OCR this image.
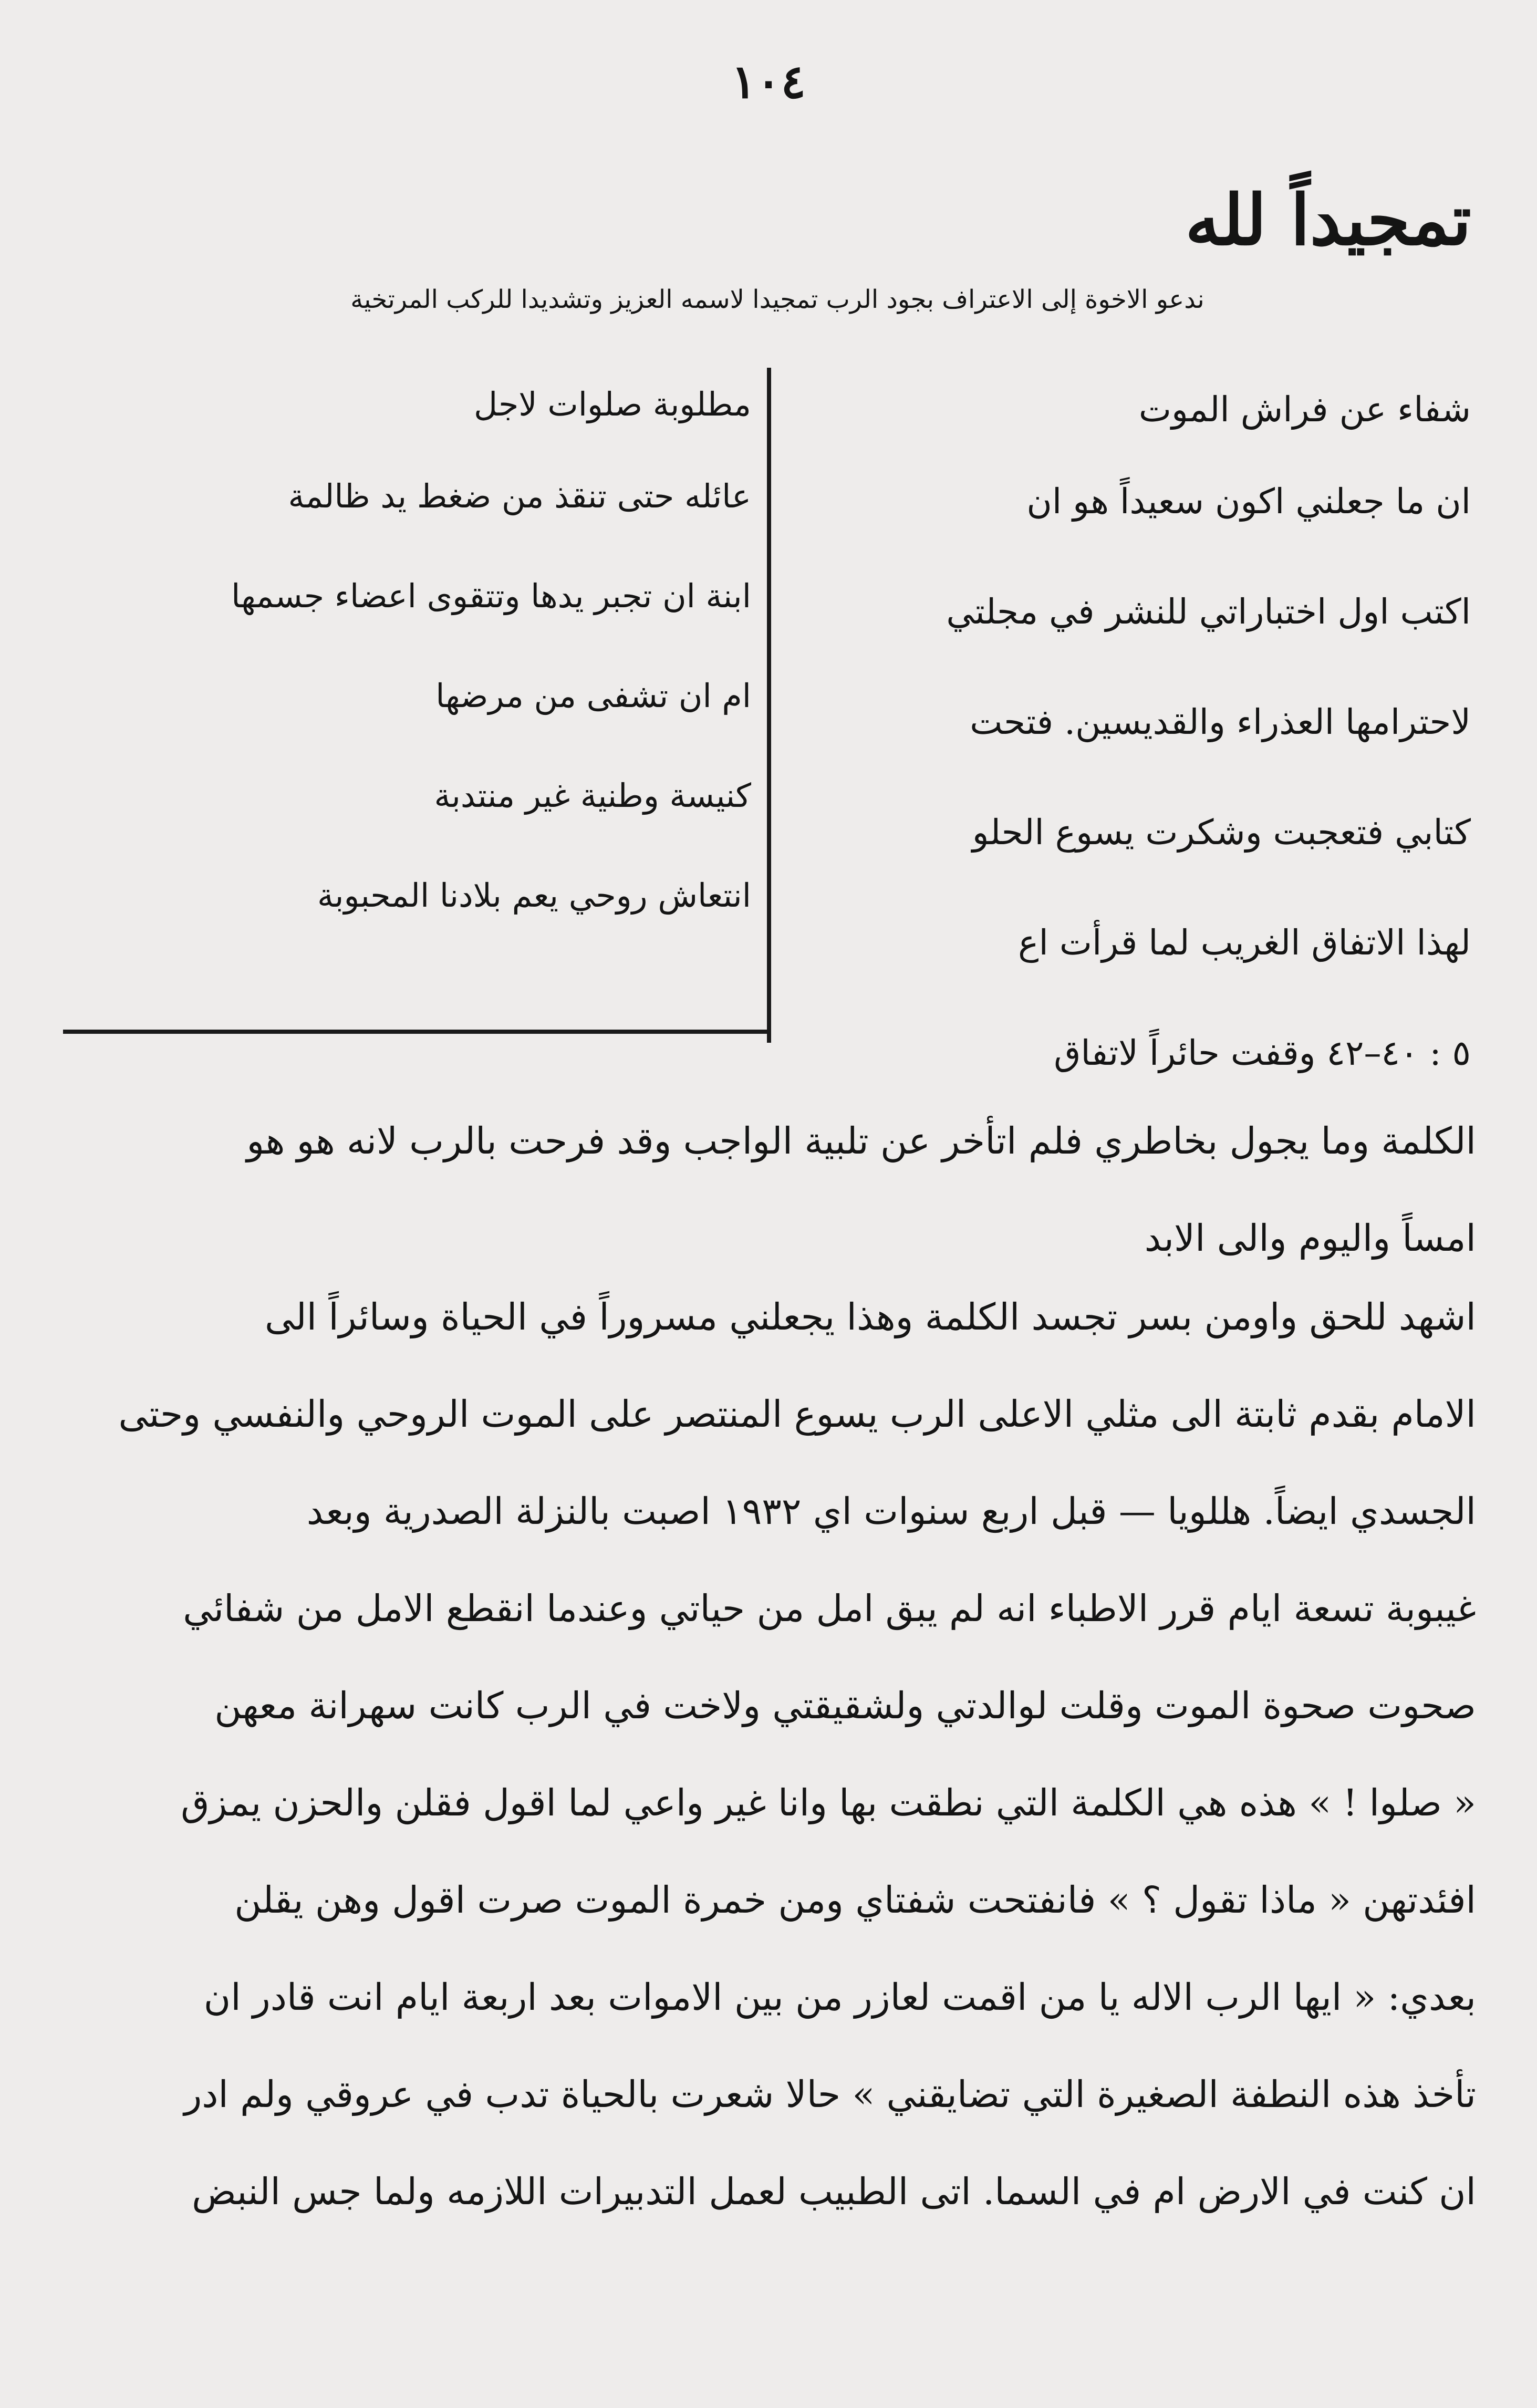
١٠٤
تمجيداً لله
ندعو الاخوة إلى الاعتراف بجود الرب تمجيدا لاسمه العزيز وتشديدا للركب المرتخية
شفاء عن فراش الموت
ان ما جعلني اكون سعيداً هو ان
اكتب اول اختباراتي للنشر في مجلتي
لاحترامها العذراء والقديسين. فتحت
كتابي فتعجبت وشكرت يسوع الحلو
لهذا الاتفاق الغريب لما قرأت اع
٥ : ٤٠–٤٢ وقفت حائراً لاتفاق
مطلوبة صلوات لاجل
عائله حتى تنقذ من ضغط يد ظالمة
ابنة ان تجبر يدها وتتقوى اعضاء جسمها
ام ان تشفى من مرضها
كنيسة وطنية غير منتدبة
انتعاش روحي يعم بلادنا المحبوبة
الكلمة وما يجول بخاطري فلم اتأخر عن تلبية الواجب وقد فرحت بالرب لانه هو هو
امساً واليوم والى الابد
اشهد للحق واومن بسر تجسد الكلمة وهذا يجعلني مسروراً في الحياة وسائراً الى
الامام بقدم ثابتة الى مثلي الاعلى الرب يسوع المنتصر على الموت الروحي والنفسي وحتى
الجسدي ايضاً. هللويا — قبل اربع سنوات اي ١٩٣٢ اصبت بالنزلة الصدرية وبعد
غيبوبة تسعة ايام قرر الاطباء انه لم يبق امل من حياتي وعندما انقطع الامل من شفائي
صحوت صحوة الموت وقلت لوالدتي ولشقيقتي ولاخت في الرب كانت سهرانة معهن
« صلوا ! » هذه هي الكلمة التي نطقت بها وانا غير واعي لما اقول فقلن والحزن يمزق
افئدتهن « ماذا تقول ؟ » فانفتحت شفتاي ومن خمرة الموت صرت اقول وهن يقلن
بعدي: « ايها الرب الاله يا من اقمت لعازر من بين الاموات بعد اربعة ايام انت قادر ان
تأخذ هذه النطفة الصغيرة التي تضايقني » حالا شعرت بالحياة تدب في عروقي ولم ادر
ان كنت في الارض ام في السما. اتى الطبيب لعمل التدبيرات اللازمه ولما جس النبض
